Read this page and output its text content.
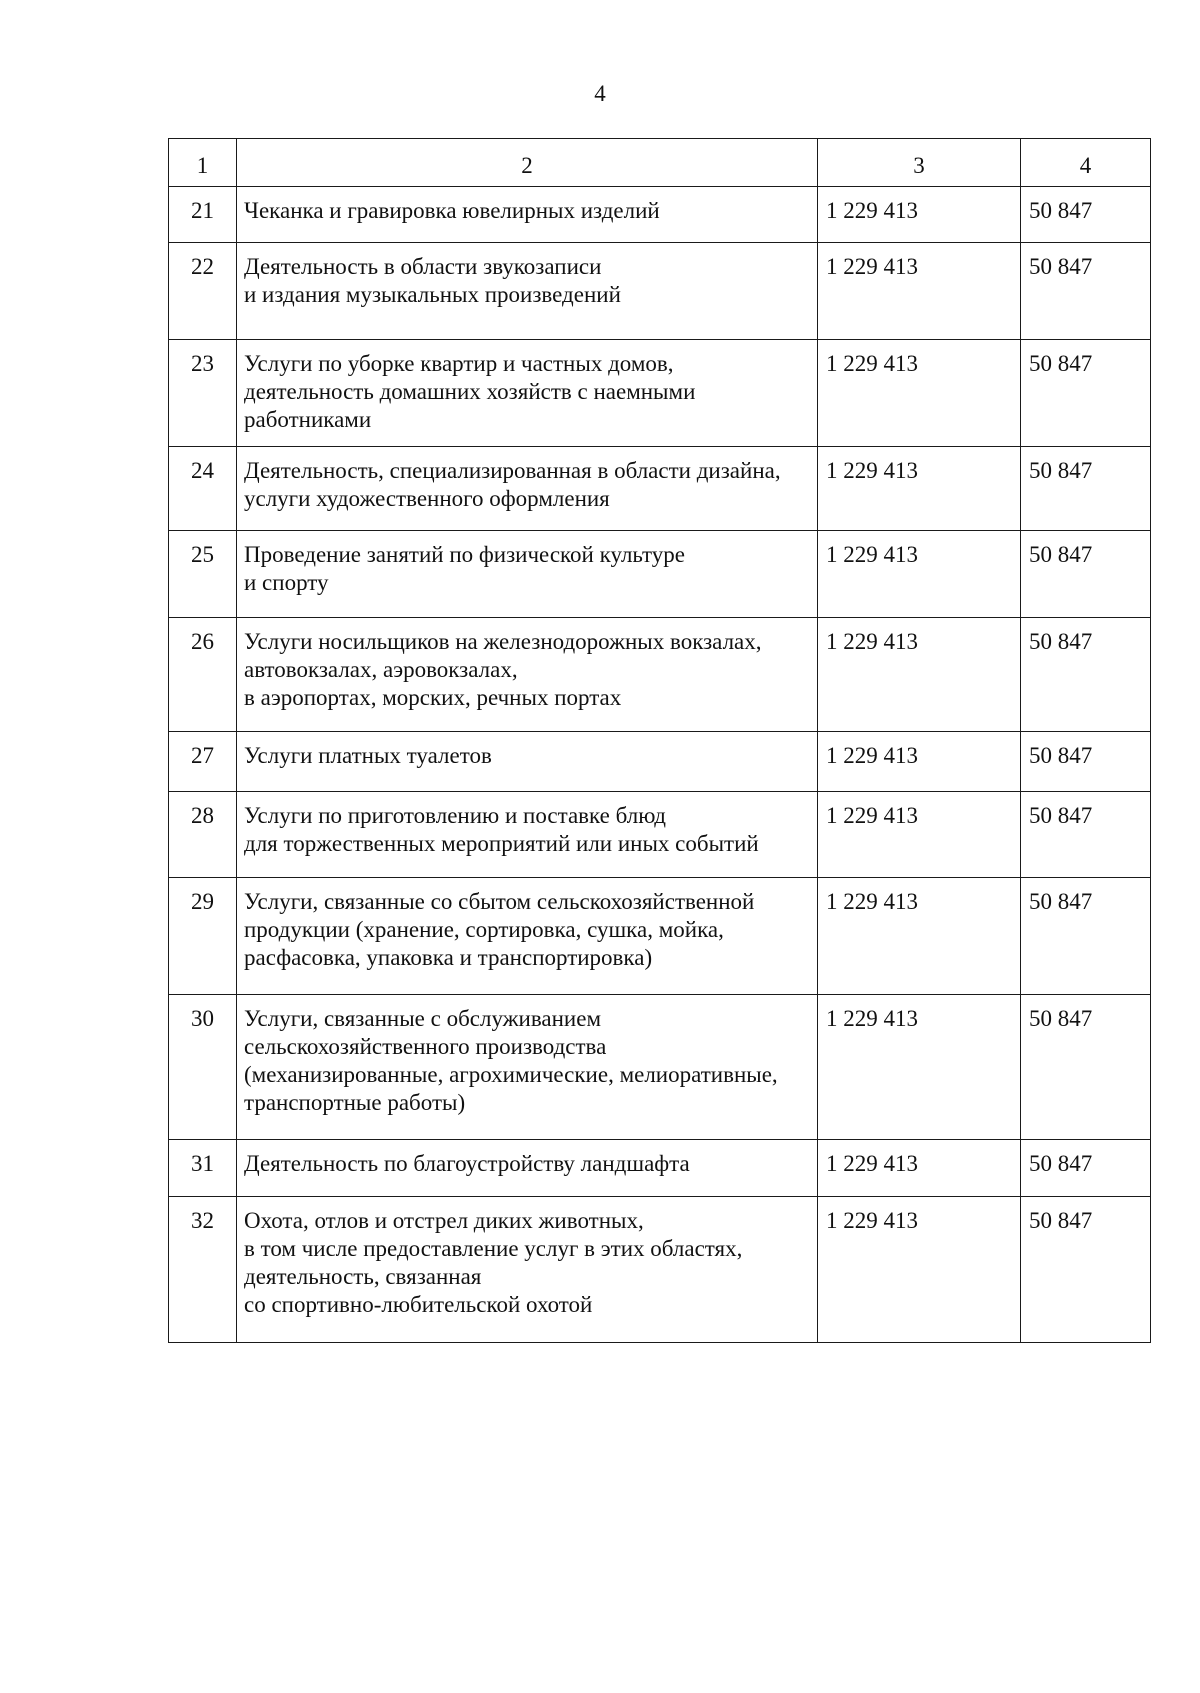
4
1	2	3	4
21	Чеканка и гравировка ювелирных изделий	1 229 413	50 847
22	Деятельность в области звукозаписи
и издания музыкальных произведений	1 229 413	50 847
23	Услуги по уборке квартир и частных домов,
деятельность домашних хозяйств с наемными
работниками	1 229 413	50 847
24	Деятельность, специализированная в области дизайна,
услуги художественного оформления	1 229 413	50 847
25	Проведение занятий по физической культуре
и спорту	1 229 413	50 847
26	Услуги носильщиков на железнодорожных вокзалах,
автовокзалах, аэровокзалах,
в аэропортах, морских, речных портах	1 229 413	50 847
27	Услуги платных туалетов	1 229 413	50 847
28	Услуги по приготовлению и поставке блюд
для торжественных мероприятий или иных событий	1 229 413	50 847
29	Услуги, связанные со сбытом сельскохозяйственной
продукции (хранение, сортировка, сушка, мойка,
расфасовка, упаковка и транспортировка)	1 229 413	50 847
30	Услуги, связанные с обслуживанием
сельскохозяйственного производства
(механизированные, агрохимические, мелиоративные,
транспортные работы)	1 229 413	50 847
31	Деятельность по благоустройству ландшафта	1 229 413	50 847
32	Охота, отлов и отстрел диких животных,
в том числе предоставление услуг в этих областях,
деятельность, связанная
со спортивно-любительской охотой	1 229 413	50 847
